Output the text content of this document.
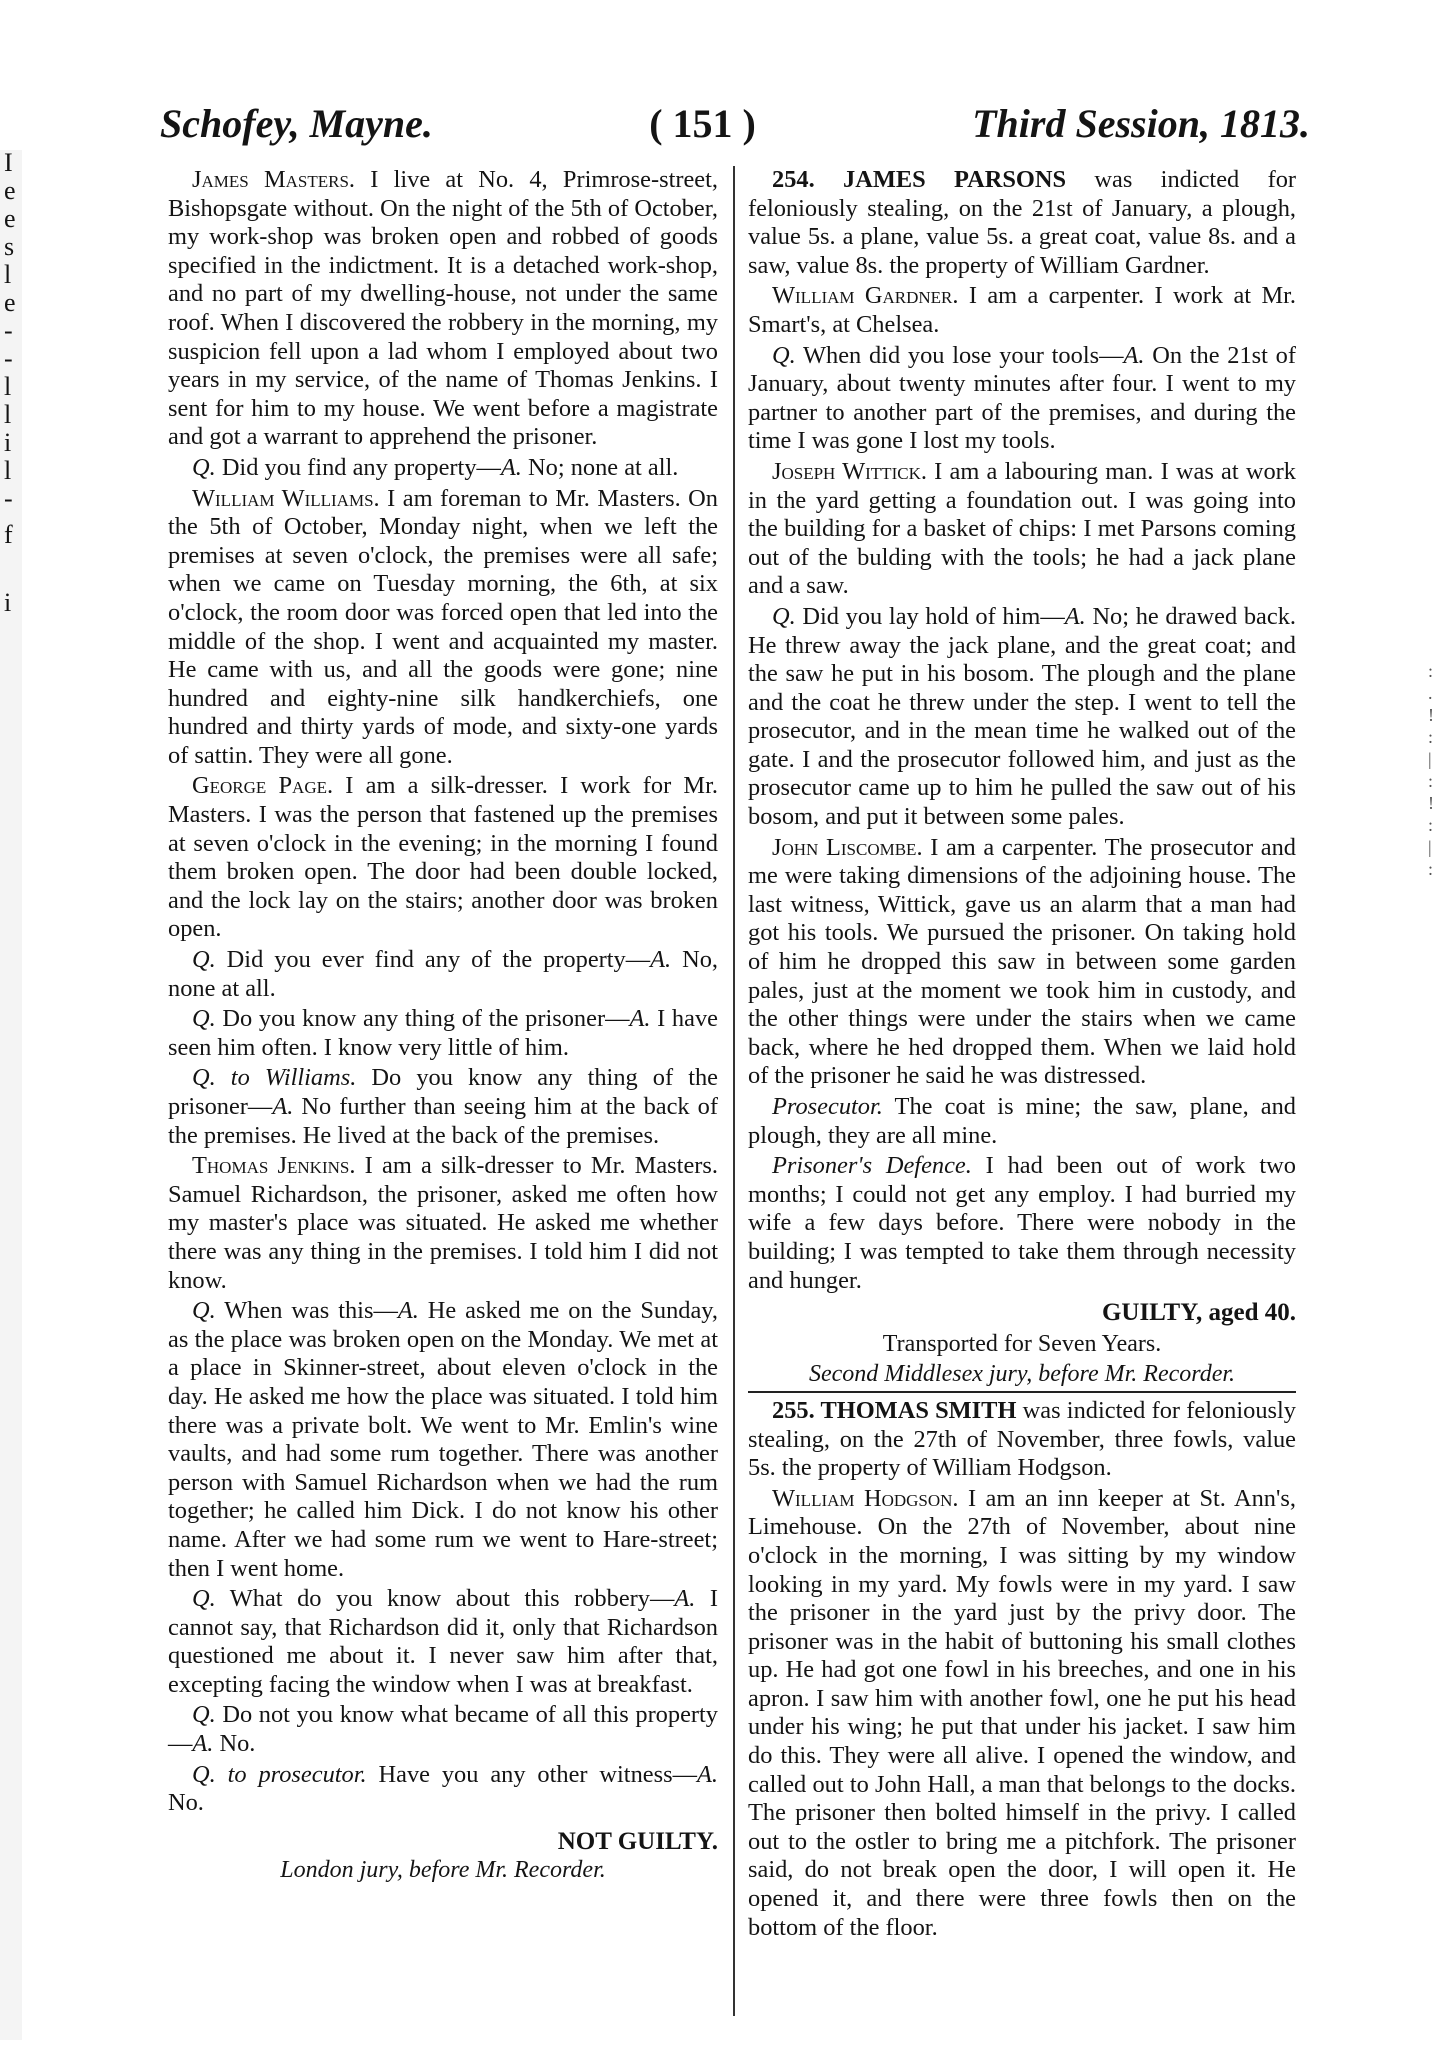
I
e
e
s
l
e
-
-
l
l
i
l
-
f
i
:
.
!
:
|
:
!
:
|
:
Schofey, Mayne.	( 151 )	Third Session, 1813.

James Masters. I live at No. 4, Primrose-street, Bishopsgate without. On the night of the 5th of October, my work-shop was broken open and robbed of goods specified in the indictment. It is a detached work-shop, and no part of my dwelling-house, not under the same roof. When I discovered the robbery in the morning, my suspicion fell upon a lad whom I employed about two years in my service, of the name of Thomas Jenkins. I sent for him to my house. We went before a magistrate and got a warrant to apprehend the prisoner.

Q. Did you find any property—A. No; none at all.

William Williams. I am foreman to Mr. Masters. On the 5th of October, Monday night, when we left the premises at seven o'clock, the premises were all safe; when we came on Tuesday morning, the 6th, at six o'clock, the room door was forced open that led into the middle of the shop. I went and acquainted my master. He came with us, and all the goods were gone; nine hundred and eighty-nine silk handkerchiefs, one hundred and thirty yards of mode, and sixty-one yards of sattin. They were all gone.

George Page. I am a silk-dresser. I work for Mr. Masters. I was the person that fastened up the premises at seven o'clock in the evening; in the morning I found them broken open. The door had been double locked, and the lock lay on the stairs; another door was broken open.

Q. Did you ever find any of the property—A. No, none at all.

Q. Do you know any thing of the prisoner—A. I have seen him often. I know very little of him.

Q. to Williams. Do you know any thing of the prisoner—A. No further than seeing him at the back of the premises. He lived at the back of the premises.

Thomas Jenkins. I am a silk-dresser to Mr. Masters. Samuel Richardson, the prisoner, asked me often how my master's place was situated. He asked me whether there was any thing in the premises. I told him I did not know.

Q. When was this—A. He asked me on the Sunday, as the place was broken open on the Monday. We met at a place in Skinner-street, about eleven o'clock in the day. He asked me how the place was situated. I told him there was a private bolt. We went to Mr. Emlin's wine vaults, and had some rum together. There was another person with Samuel Richardson when we had the rum together; he called him Dick. I do not know his other name. After we had some rum we went to Hare-street; then I went home.

Q. What do you know about this robbery—A. I cannot say, that Richardson did it, only that Richardson questioned me about it. I never saw him after that, excepting facing the window when I was at breakfast.

Q. Do not you know what became of all this property—A. No.

Q. to prosecutor. Have you any other witness—A. No.

NOT GUILTY.
London jury, before Mr. Recorder.

254. JAMES PARSONS was indicted for feloniously stealing, on the 21st of January, a plough, value 5s. a plane, value 5s. a great coat, value 8s. and a saw, value 8s. the property of William Gardner.

William Gardner. I am a carpenter. I work at Mr. Smart's, at Chelsea.

Q. When did you lose your tools—A. On the 21st of January, about twenty minutes after four. I went to my partner to another part of the premises, and during the time I was gone I lost my tools.

Joseph Wittick. I am a labouring man. I was at work in the yard getting a foundation out. I was going into the building for a basket of chips: I met Parsons coming out of the bulding with the tools; he had a jack plane and a saw.

Q. Did you lay hold of him—A. No; he drawed back. He threw away the jack plane, and the great coat; and the saw he put in his bosom. The plough and the plane and the coat he threw under the step. I went to tell the prosecutor, and in the mean time he walked out of the gate. I and the prosecutor followed him, and just as the prosecutor came up to him he pulled the saw out of his bosom, and put it between some pales.

John Liscombe. I am a carpenter. The prosecutor and me were taking dimensions of the adjoining house. The last witness, Wittick, gave us an alarm that a man had got his tools. We pursued the prisoner. On taking hold of him he dropped this saw in between some garden pales, just at the moment we took him in custody, and the other things were under the stairs when we came back, where he hed dropped them. When we laid hold of the prisoner he said he was distressed.

Prosecutor. The coat is mine; the saw, plane, and plough, they are all mine.

Prisoner's Defence. I had been out of work two months; I could not get any employ. I had burried my wife a few days before. There were nobody in the building; I was tempted to take them through necessity and hunger.

GUILTY, aged 40.
Transported for Seven Years.
Second Middlesex jury, before Mr. Recorder.

255. THOMAS SMITH was indicted for feloniously stealing, on the 27th of November, three fowls, value 5s. the property of William Hodgson.

William Hodgson. I am an inn keeper at St. Ann's, Limehouse. On the 27th of November, about nine o'clock in the morning, I was sitting by my window looking in my yard. My fowls were in my yard. I saw the prisoner in the yard just by the privy door. The prisoner was in the habit of buttoning his small clothes up. He had got one fowl in his breeches, and one in his apron. I saw him with another fowl, one he put his head under his wing; he put that under his jacket. I saw him do this. They were all alive. I opened the window, and called out to John Hall, a man that belongs to the docks. The prisoner then bolted himself in the privy. I called out to the ostler to bring me a pitchfork. The prisoner said, do not break open the door, I will open it. He opened it, and there were three fowls then on the bottom of the floor.
